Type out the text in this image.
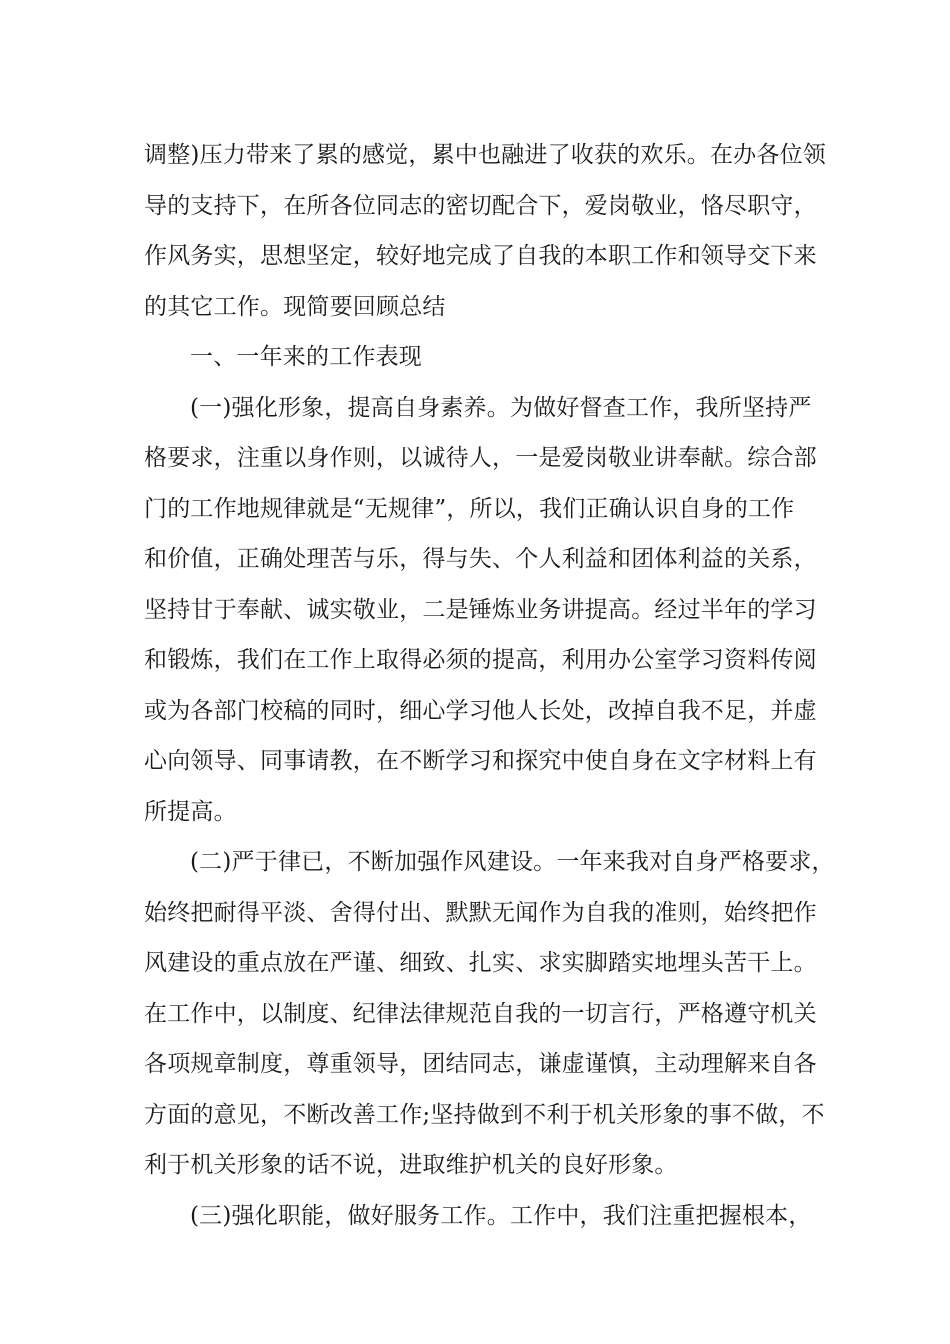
调整)压力带来了累的感觉，累中也融进了收获的欢乐。在办各位领
导的支持下，在所各位同志的密切配合下，爱岗敬业，恪尽职守，
作风务实，思想坚定，较好地完成了自我的本职工作和领导交下来
的其它工作。现简要回顾总结
一、一年来的工作表现
(一)强化形象，提高自身素养。为做好督查工作，我所坚持严
格要求，注重以身作则，以诚待人，一是爱岗敬业讲奉献。综合部
门的工作地规律就是“无规律”，所以，我们正确认识自身的工作
和价值，正确处理苦与乐，得与失、个人利益和团体利益的关系，
坚持甘于奉献、诚实敬业，二是锤炼业务讲提高。经过半年的学习
和锻炼，我们在工作上取得必须的提高，利用办公室学习资料传阅
或为各部门校稿的同时，细心学习他人长处，改掉自我不足，并虚
心向领导、同事请教，在不断学习和探究中使自身在文字材料上有
所提高。
(二)严于律已，不断加强作风建设。一年来我对自身严格要求，
始终把耐得平淡、舍得付出、默默无闻作为自我的准则，始终把作
风建设的重点放在严谨、细致、扎实、求实脚踏实地埋头苦干上。
在工作中，以制度、纪律法律规范自我的一切言行，严格遵守机关
各项规章制度，尊重领导，团结同志，谦虚谨慎，主动理解来自各
方面的意见，不断改善工作;坚持做到不利于机关形象的事不做，不
利于机关形象的话不说，进取维护机关的良好形象。
(三)强化职能，做好服务工作。工作中，我们注重把握根本，
